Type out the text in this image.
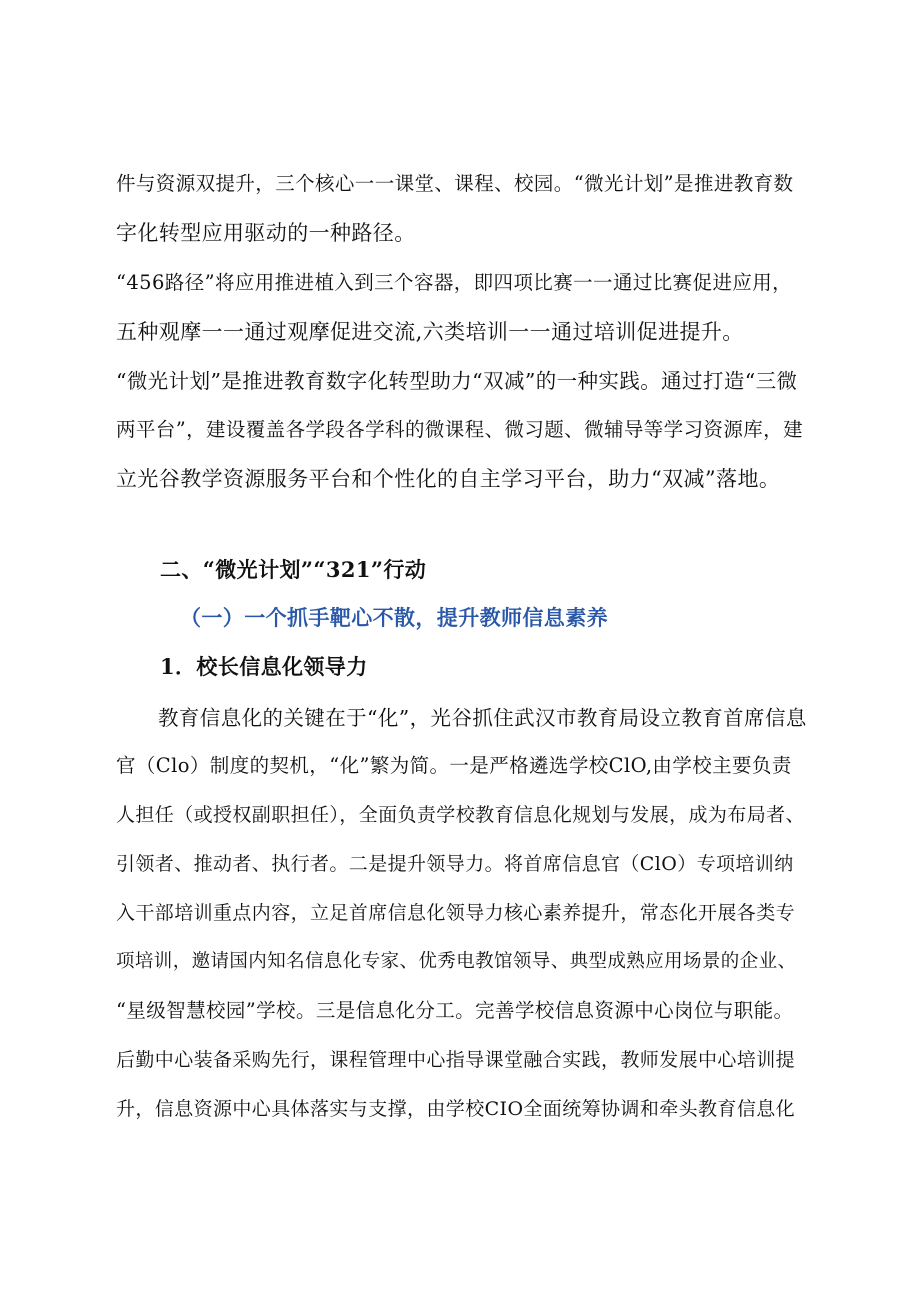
件与资源双提升，三个核心一一课堂、课程、校园。“微光计划”是推进教育数
字化转型应用驱动的一种路径。
“456路径”将应用推进植入到三个容器，即四项比赛一一通过比赛促进应用，
五种观摩一一通过观摩促进交流,六类培训一一通过培训促进提升。
“微光计划”是推进教育数字化转型助力“双减”的一种实践。通过打造“三微
两平台”，建设覆盖各学段各学科的微课程、微习题、微辅导等学习资源库，建
立光谷教学资源服务平台和个性化的自主学习平台，助力“双减”落地。
二、“微光计划”“321”行动
（一）一个抓手靶心不散，提升教师信息素养
1．校长信息化领导力
教育信息化的关键在于“化”，光谷抓住武汉市教育局设立教育首席信息
官（Clo）制度的契机，“化”繁为简。一是严格遴选学校ClO,由学校主要负责
人担任（或授权副职担任），全面负责学校教育信息化规划与发展，成为布局者、
引领者、推动者、执行者。二是提升领导力。将首席信息官（ClO）专项培训纳
入干部培训重点内容，立足首席信息化领导力核心素养提升，常态化开展各类专
项培训，邀请国内知名信息化专家、优秀电教馆领导、典型成熟应用场景的企业、
“星级智慧校园”学校。三是信息化分工。完善学校信息资源中心岗位与职能。
后勤中心装备采购先行，课程管理中心指导课堂融合实践，教师发展中心培训提
升，信息资源中心具体落实与支撑，由学校CIO全面统筹协调和牵头教育信息化
